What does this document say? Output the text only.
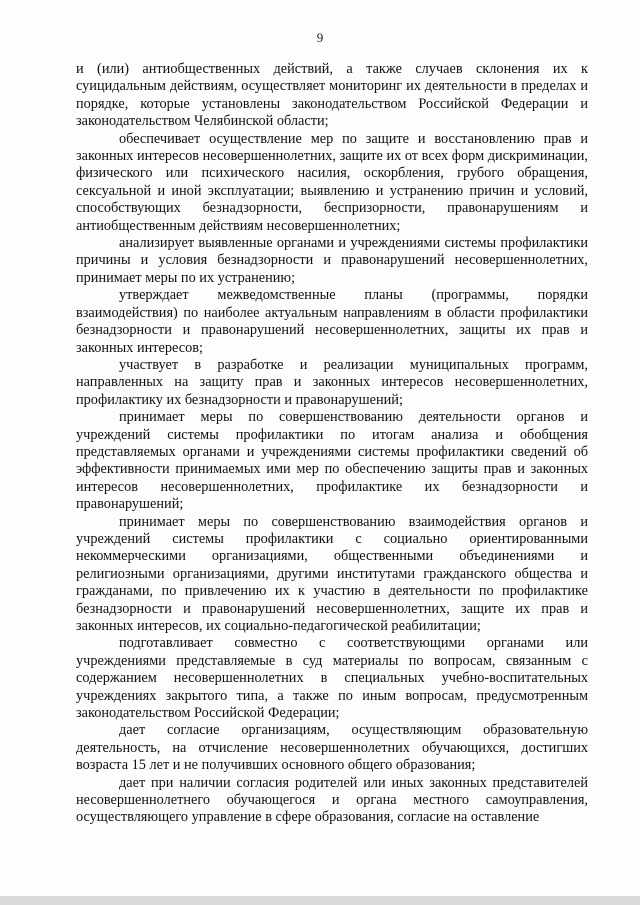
9

и (или) антиобщественных действий, а также случаев склонения их к суицидальным действиям, осуществляет мониторинг их деятельности в пределах и порядке, которые установлены законодательством Российской Федерации и законодательством Челябинской области;

обеспечивает осуществление мер по защите и восстановлению прав и законных интересов несовершеннолетних, защите их от всех форм дискриминации, физического или психического насилия, оскорбления, грубого обращения, сексуальной и иной эксплуатации; выявлению и устранению причин и условий, способствующих безнадзорности, беспризорности, правонарушениям и антиобщественным действиям несовершеннолетних;

анализирует выявленные органами и учреждениями системы профилактики причины и условия безнадзорности и правонарушений несовершеннолетних, принимает меры по их устранению;

утверждает межведомственные планы (программы, порядки взаимодействия) по наиболее актуальным направлениям в области профилактики безнадзорности и правонарушений несовершеннолетних, защиты их прав и законных интересов;

участвует в разработке и реализации муниципальных программ, направленных на защиту прав и законных интересов несовершеннолетних, профилактику их безнадзорности и правонарушений;

принимает меры по совершенствованию деятельности органов и учреждений системы профилактики по итогам анализа и обобщения представляемых органами и учреждениями системы профилактики сведений об эффективности принимаемых ими мер по обеспечению защиты прав и законных интересов несовершеннолетних, профилактике их безнадзорности и правонарушений;

принимает меры по совершенствованию взаимодействия органов и учреждений системы профилактики с социально ориентированными некоммерческими организациями, общественными объединениями и религиозными организациями, другими институтами гражданского общества и гражданами, по привлечению их к участию в деятельности по профилактике безнадзорности и правонарушений несовершеннолетних, защите их прав и законных интересов, их социально-педагогической реабилитации;

подготавливает совместно с соответствующими органами или учреждениями представляемые в суд материалы по вопросам, связанным с содержанием несовершеннолетних в специальных учебно-воспитательных учреждениях закрытого типа, а также по иным вопросам, предусмотренным законодательством Российской Федерации;

дает согласие организациям, осуществляющим образовательную деятельность, на отчисление несовершеннолетних обучающихся, достигших возраста 15 лет и не получивших основного общего образования;

дает при наличии согласия родителей или иных законных представителей несовершеннолетнего обучающегося и органа местного самоуправления, осуществляющего управление в сфере образования, согласие на оставление
